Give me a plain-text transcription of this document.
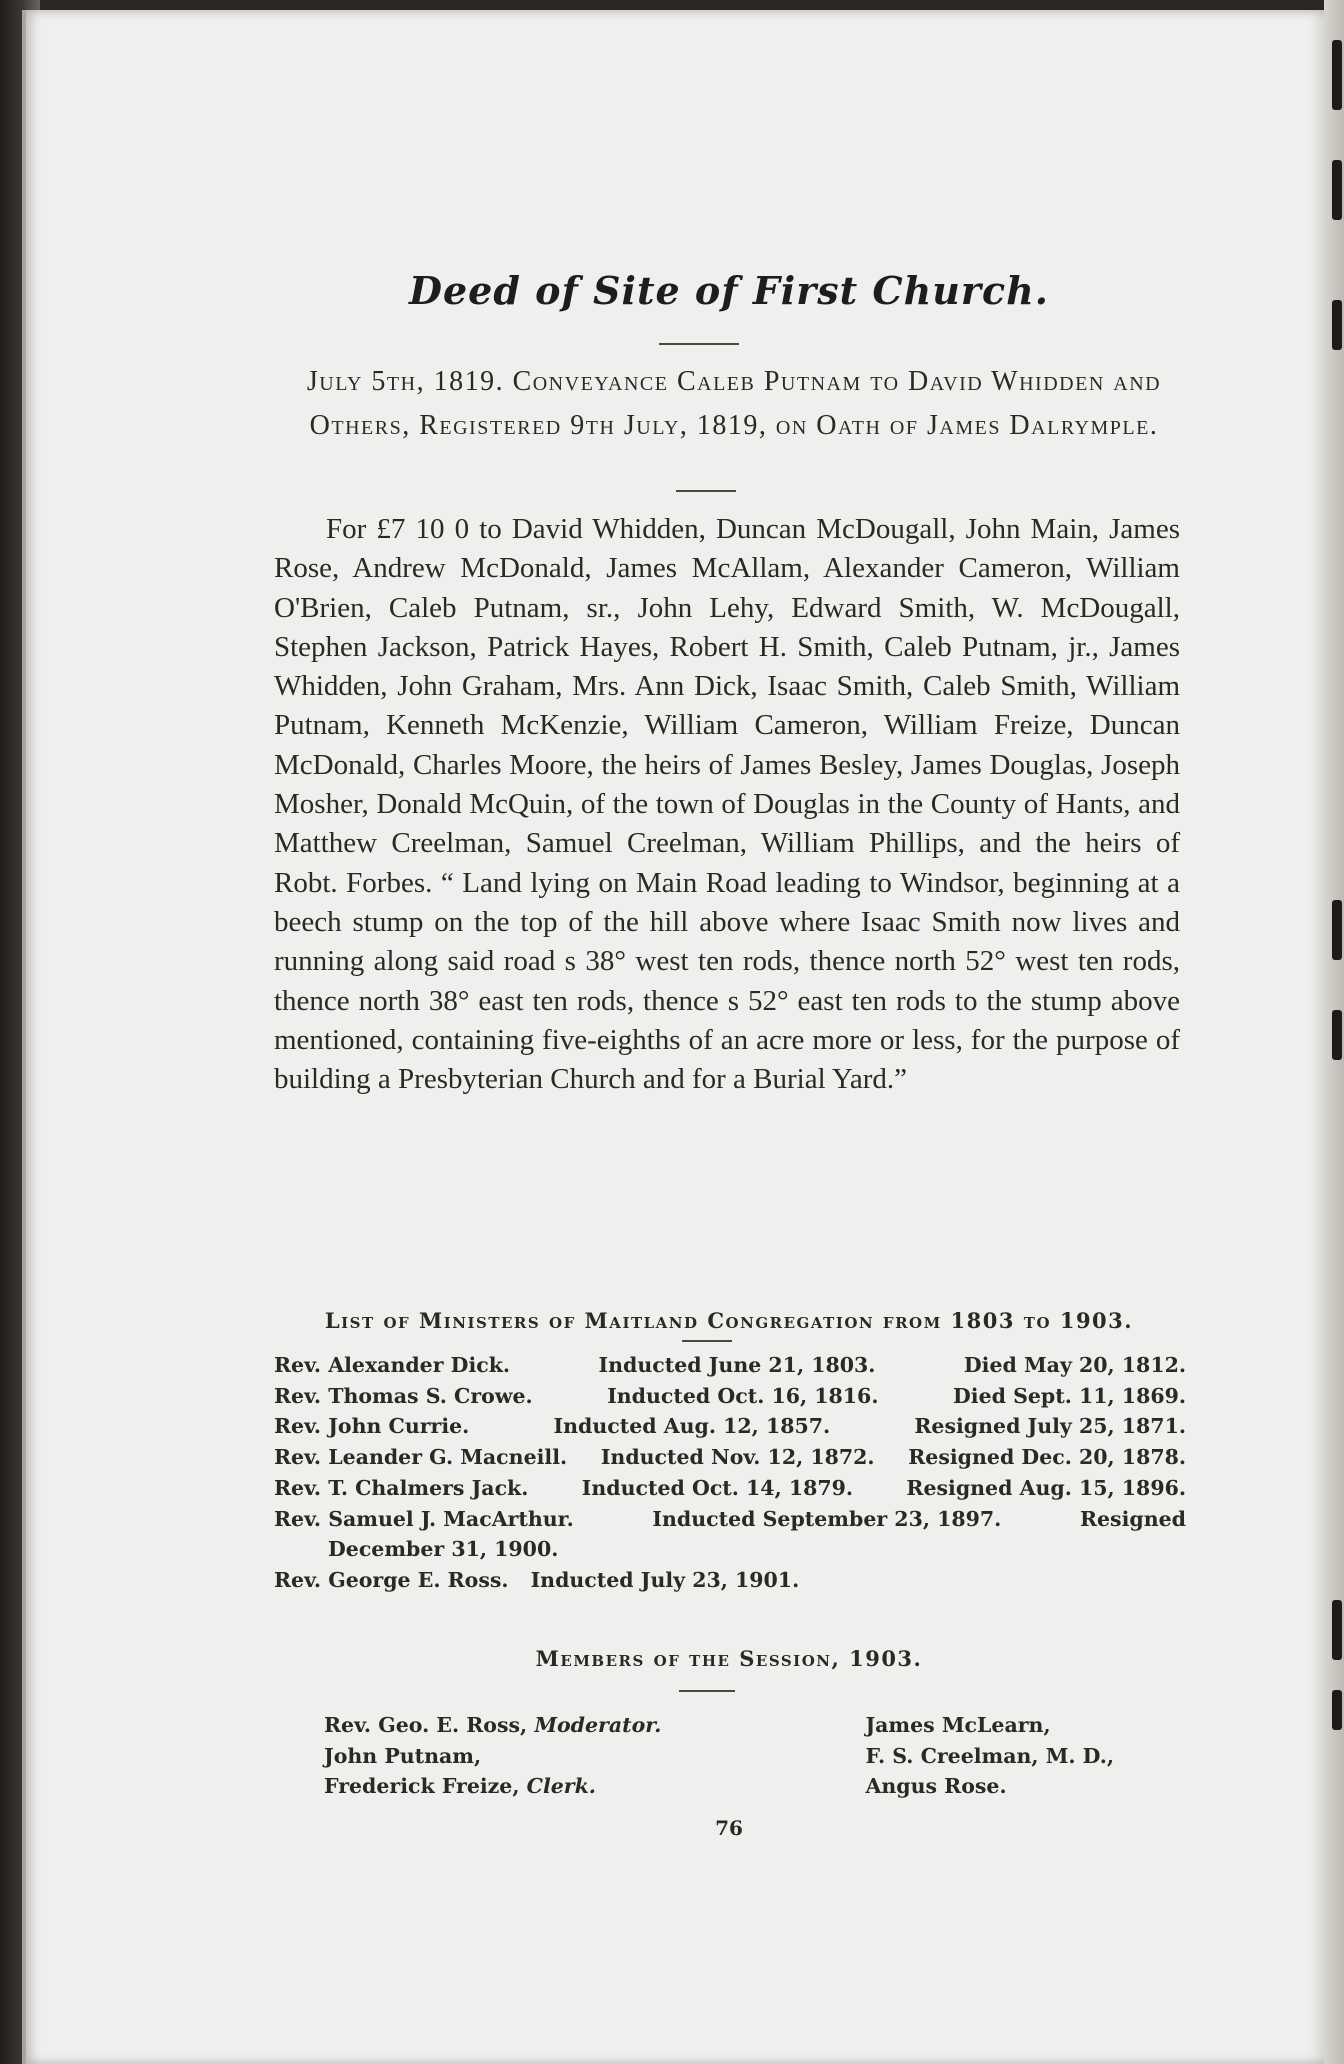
Deed of Site of First Church.
July 5th, 1819. Conveyance Caleb Putnam to David Whidden and Others, Registered 9th July, 1819, on Oath of James Dalrymple.
For £7 10 0 to David Whidden, Duncan McDougall, John Main, James Rose, Andrew McDonald, James McAllam, Alexander Cameron, William O'Brien, Caleb Putnam, sr., John Lehy, Edward Smith, W. McDougall, Stephen Jackson, Patrick Hayes, Robert H. Smith, Caleb Putnam, jr., James Whidden, John Graham, Mrs. Ann Dick, Isaac Smith, Caleb Smith, William Putnam, Kenneth McKenzie, William Cameron, William Freize, Duncan McDonald, Charles Moore, the heirs of James Besley, James Douglas, Joseph Mosher, Donald McQuin, of the town of Douglas in the County of Hants, and Matthew Creelman, Samuel Creelman, William Phillips, and the heirs of Robt. Forbes. “ Land lying on Main Road leading to Windsor, beginning at a beech stump on the top of the hill above where Isaac Smith now lives and running along said road s 38° west ten rods, thence north 52° west ten rods, thence north 38° east ten rods, thence s 52° east ten rods to the stump above mentioned, containing five-eighths of an acre more or less, for the purpose of building a Presbyterian Church and for a Burial Yard.”
List of Ministers of Maitland Congregation from 1803 to 1903.
Rev. Alexander Dick.	Inducted June 21, 1803.	Died May 20, 1812.
Rev. Thomas S. Crowe.	Inducted Oct. 16, 1816.	Died Sept. 11, 1869.
Rev. John Currie.	Inducted Aug. 12, 1857.	Resigned July 25, 1871.
Rev. Leander G. Macneill. Inducted Nov. 12, 1872. Resigned Dec. 20, 1878.
Rev. T. Chalmers Jack.	Inducted Oct. 14, 1879.	Resigned Aug. 15, 1896.
Rev. Samuel J. MacArthur.	Inducted September 23, 1897.	Resigned
December 31, 1900.
Rev. George E. Ross. Inducted July 23, 1901.
Members of the Session, 1903.
Rev. Geo. E. Ross, Moderator.
John Putnam,
Frederick Freize, Clerk.
James McLearn,
F. S. Creelman, M. D.,
Angus Rose.
76
